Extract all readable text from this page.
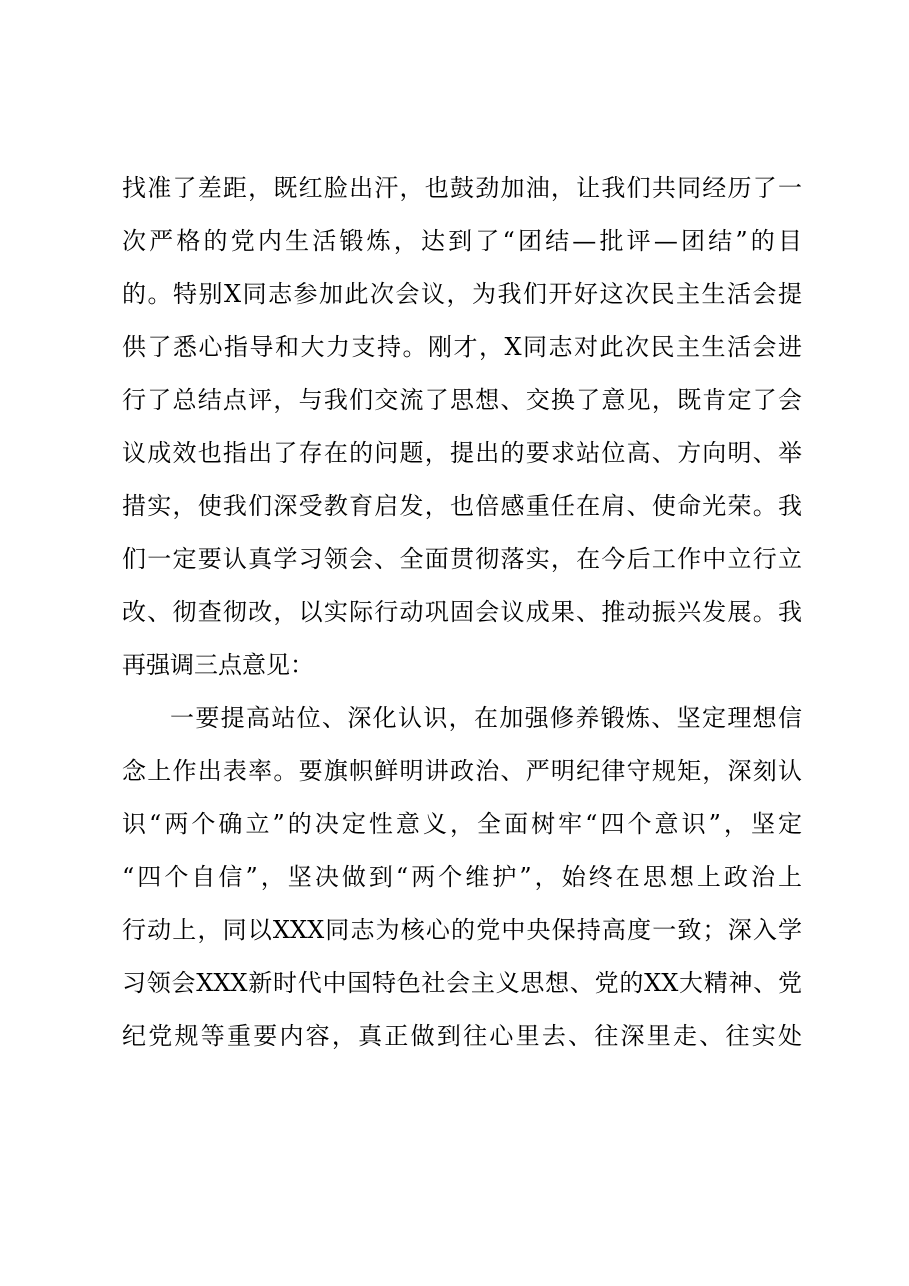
找准了差距，既红脸出汗，也鼓劲加油，让我们共同经历了一
次严格的党内生活锻炼，达到了“团结—批评—团结”的目
的。特别X同志参加此次会议，为我们开好这次民主生活会提
供了悉心指导和大力支持。刚才，X同志对此次民主生活会进
行了总结点评，与我们交流了思想、交换了意见，既肯定了会
议成效也指出了存在的问题，提出的要求站位高、方向明、举
措实，使我们深受教育启发，也倍感重任在肩、使命光荣。我
们一定要认真学习领会、全面贯彻落实，在今后工作中立行立
改、彻查彻改，以实际行动巩固会议成果、推动振兴发展。我
再强调三点意见：
一要提高站位、深化认识，在加强修养锻炼、坚定理想信
念上作出表率。要旗帜鲜明讲政治、严明纪律守规矩，深刻认
识“两个确立”的决定性意义，全面树牢“四个意识”，坚定
“四个自信”，坚决做到“两个维护”，始终在思想上政治上
行动上，同以XXX同志为核心的党中央保持高度一致；深入学
习领会XXX新时代中国特色社会主义思想、党的XX大精神、党
纪党规等重要内容，真正做到往心里去、往深里走、往实处
